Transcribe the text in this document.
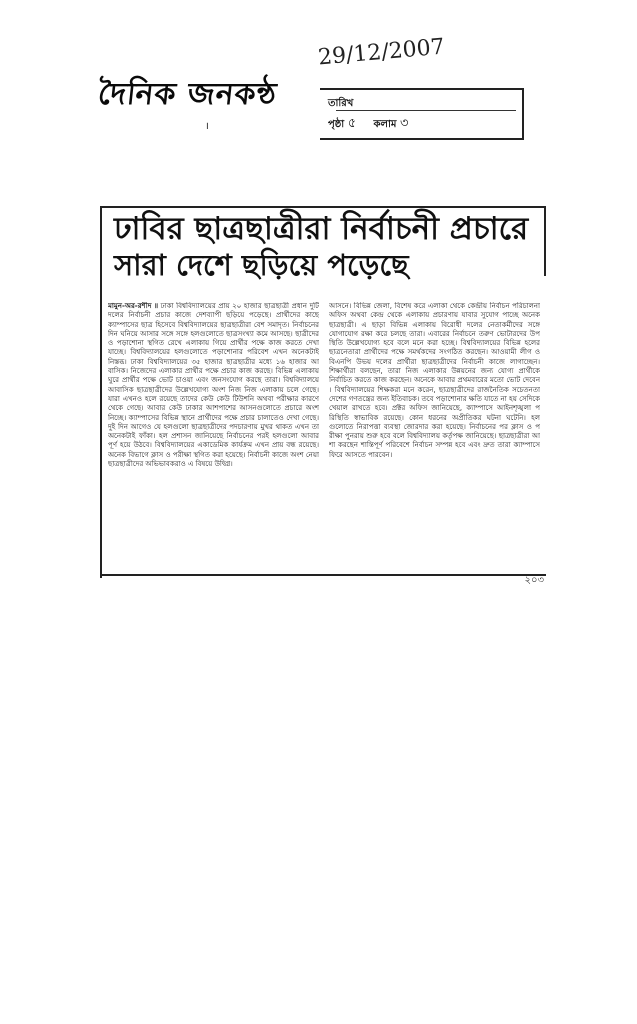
দৈনিক জনকন্ঠ
29/12/2007
তারিখ
পৃষ্ঠা ৫ কলাম ৩
।
ঢাবির ছাত্রছাত্রীরা নির্বাচনী প্রচারে
সারা দেশে ছড়িয়ে পড়েছে
মামুন-অর-রশীদ ॥ ঢাকা বিশ্ববিদ্যালয়ের প্রায় ২০ হাজার ছাত্রছাত্রী প্রধান দুটি দলের নির্বাচনী প্রচার কাজে দেশব্যাপী ছড়িয়ে পড়েছে। প্রার্থীদের কাছে ক্যাম্পাসের ছাত্র হিসেবে বিশ্ববিদ্যালয়ের ছাত্রছাত্রীরা বেশ সমাদৃত। নির্বাচনের দিন ঘনিয়ে আসার সঙ্গে সঙ্গে হলগুলোতে ছাত্রসংখ্যা কমে আসছে। ছাত্রীদেরও পড়াশোনা স্থগিত রেখে এলাকায় গিয়ে প্রার্থীর পক্ষে কাজ করতে দেখা যাচ্ছে। বিশ্ববিদ্যালয়ের হলগুলোতে পড়াশোনার পরিবেশ এখন অনেকটাই নিস্তব্ধ। ঢাকা বিশ্ববিদ্যালয়ের ৩৫ হাজার ছাত্রছাত্রীর মধ্যে ১৬ হাজার আবাসিক। নিজেদের এলাকার প্রার্থীর পক্ষে প্রচার কাজ করছে। বিভিন্ন এলাকায় ঘুরে প্রার্থীর পক্ষে ভোট চাওয়া এবং জনসংযোগ করছে তারা। বিশ্ববিদ্যালয়ে আবাসিক ছাত্রছাত্রীদের উল্লেখযোগ্য অংশ নিজ নিজ এলাকায় চলে গেছে। যারা এখনও হলে রয়েছে তাদের কেউ কেউ টিউশনি অথবা পরীক্ষার কারণে থেকে গেছে। আবার কেউ ঢাকার আশপাশের আসনগুলোতে প্রচারে অংশ নিচ্ছে। ক্যাম্পাসের বিভিন্ন স্থানে প্রার্থীদের পক্ষে প্রচার চালাতেও দেখা গেছে। দুই দিন আগেও যে হলগুলো ছাত্রছাত্রীদের পদচারণায় মুখর থাকত এখন তা অনেকটাই ফাঁকা। হল প্রশাসন জানিয়েছে নির্বাচনের পরই হলগুলো আবার পূর্ণ হয়ে উঠবে। বিশ্ববিদ্যালয়ের একাডেমিক কার্যক্রম এখন প্রায় বন্ধ রয়েছে। অনেক বিভাগে ক্লাস ও পরীক্ষা স্থগিত করা হয়েছে। নির্বাচনী কাজে অংশ নেয়া ছাত্রছাত্রীদের অভিভাবকরাও এ বিষয়ে উদ্বিগ্ন।
আসনে। বিভিন্ন জেলা, বিশেষ করে এলাকা থেকে কেন্দ্রীয় নির্বাচন পরিচালনা অফিস অথবা কেন্দ্র থেকে এলাকায় প্রচারণায় যাবার সুযোগ পাচ্ছে অনেক ছাত্রছাত্রী। এ ছাড়া বিভিন্ন এলাকায় বিরোধী দলের নেতাকর্মীদের সঙ্গে যোগাযোগ রক্ষা করে চলছে তারা। এবারের নির্বাচনে তরুণ ভোটারদের উপস্থিতি উল্লেখযোগ্য হবে বলে মনে করা হচ্ছে। বিশ্ববিদ্যালয়ের বিভিন্ন হলের ছাত্রনেতারা প্রার্থীদের পক্ষে সমর্থকদের সংগঠিত করছেন। আওয়ামী লীগ ও বিএনপি উভয় দলের প্রার্থীরা ছাত্রছাত্রীদের নির্বাচনী কাজে লাগাচ্ছেন। শিক্ষার্থীরা বলছেন, তারা নিজ এলাকার উন্নয়নের জন্য যোগ্য প্রার্থীকে নির্বাচিত করতে কাজ করছেন। অনেকে আবার প্রথমবারের মতো ভোট দেবেন। বিশ্ববিদ্যালয়ের শিক্ষকরা মনে করেন, ছাত্রছাত্রীদের রাজনৈতিক সচেতনতা দেশের গণতন্ত্রের জন্য ইতিবাচক। তবে পড়াশোনার ক্ষতি যাতে না হয় সেদিকে খেয়াল রাখতে হবে। প্রক্টর অফিস জানিয়েছে, ক্যাম্পাসে আইনশৃঙ্খলা পরিস্থিতি স্বাভাবিক রয়েছে। কোন ধরনের অপ্রীতিকর ঘটনা ঘটেনি। হলগুলোতে নিরাপত্তা ব্যবস্থা জোরদার করা হয়েছে। নির্বাচনের পর ক্লাস ও পরীক্ষা পুনরায় শুরু হবে বলে বিশ্ববিদ্যালয় কর্তৃপক্ষ জানিয়েছে। ছাত্রছাত্রীরা আশা করছেন শান্তিপূর্ণ পরিবেশে নির্বাচন সম্পন্ন হবে এবং দ্রুত তারা ক্যাম্পাসে ফিরে আসতে পারবেন।
২০৩
